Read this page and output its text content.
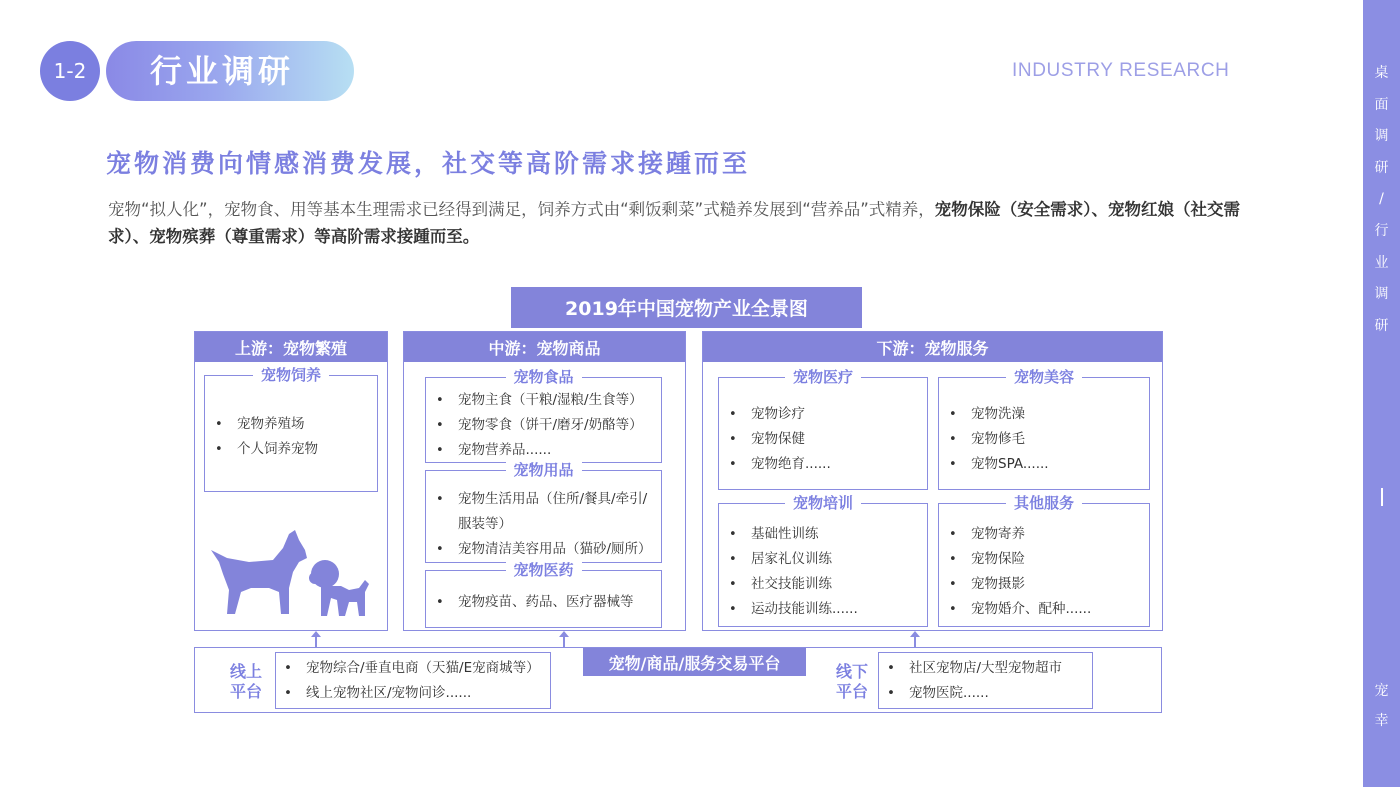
桌
面
调
研
/
行
业
调
研
宠
幸
1-2	行业调研	INDUSTRY RESEARCH
宠物消费向情感消费发展，社交等高阶需求接踵而至
宠物“拟人化”，宠物食、用等基本生理需求已经得到满足，饲养方式由“剩饭剩菜”式糙养发展到“营养品”式精养，宠物保险（安全需求）、宠物红娘（社交需求）、宠物殡葬（尊重需求）等高阶需求接踵而至。
2019年中国宠物产业全景图
上游：宠物繁殖
宠物饲养
• 宠物养殖场
• 个人饲养宠物
中游：宠物商品
宠物食品
• 宠物主食（干粮/湿粮/生食等）
• 宠物零食（饼干/磨牙/奶酪等）
• 宠物营养品......
宠物用品
• 宠物生活用品（住所/餐具/牵引/服装等）
• 宠物清洁美容用品（猫砂/厕所）
宠物医药
• 宠物疫苗、药品、医疗器械等
下游：宠物服务
宠物医疗
• 宠物诊疗
• 宠物保健
• 宠物绝育......
宠物美容
• 宠物洗澡
• 宠物修毛
• 宠物SPA......
宠物培训
• 基础性训练
• 居家礼仪训练
• 社交技能训练
• 运动技能训练......
其他服务
• 宠物寄养
• 宠物保险
• 宠物摄影
• 宠物婚介、配种......
线上平台
• 宠物综合/垂直电商（天猫/E宠商城等）
• 线上宠物社区/宠物问诊......
线下平台
• 社区宠物店/大型宠物超市
• 宠物医院......
宠物/商品/服务交易平台
